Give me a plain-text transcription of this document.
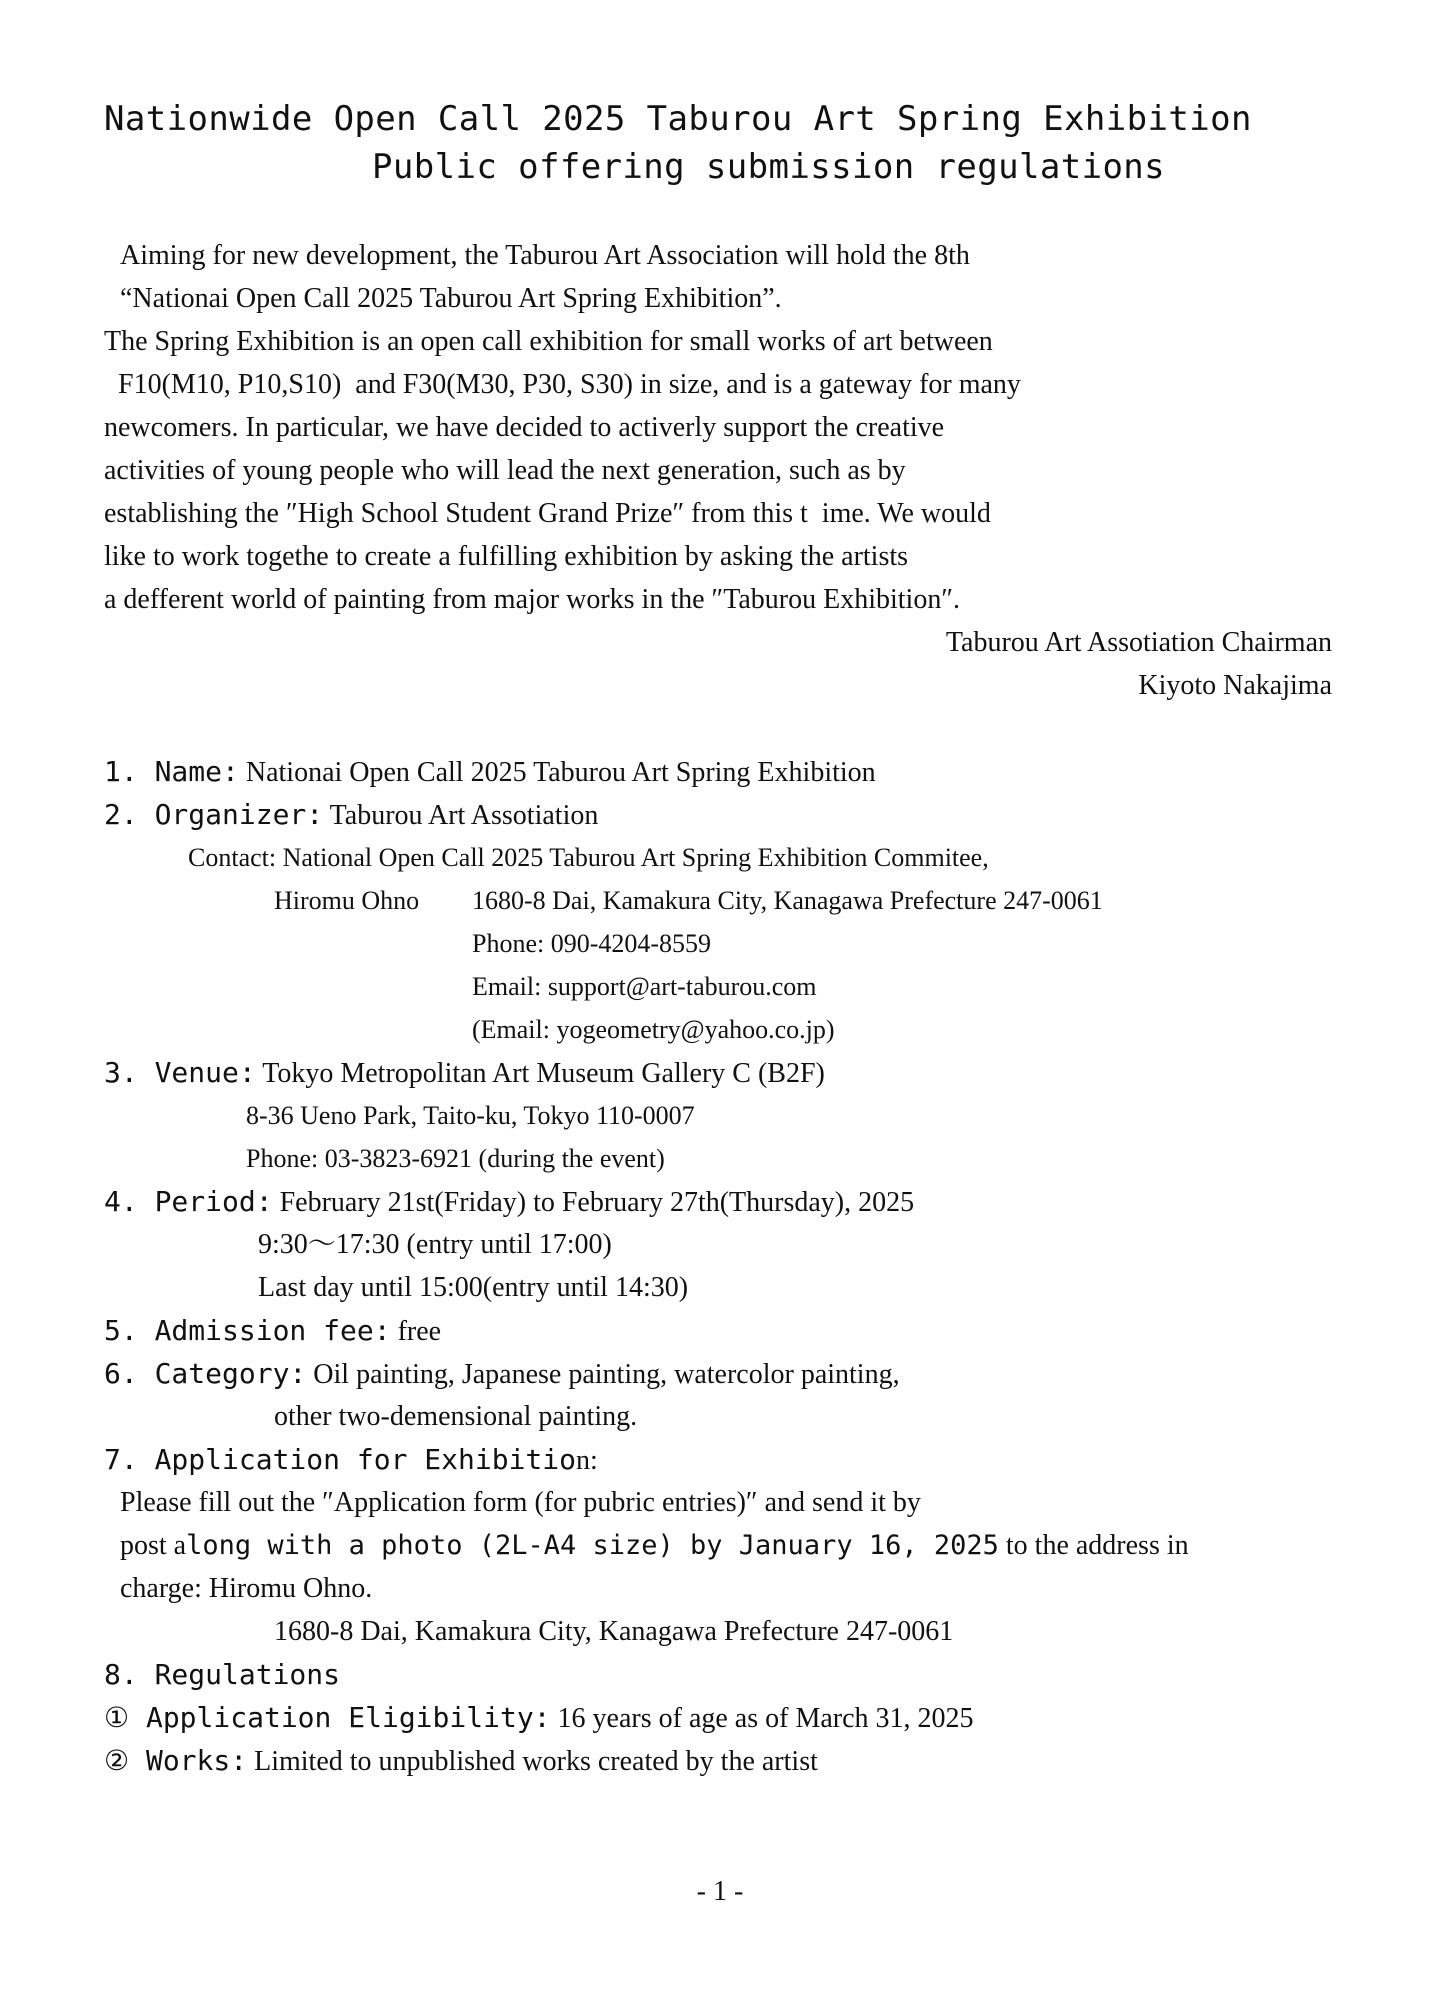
Nationwide Open Call 2025 Taburou Art Spring Exhibition
Public offering submission regulations
Aiming for new development, the Taburou Art Association will hold the 8th
“Nationai Open Call 2025 Taburou Art Spring Exhibition”.
The Spring Exhibition is an open call exhibition for small works of art between
F10(M10, P10,S10)  and F30(M30, P30, S30) in size, and is a gateway for many
newcomers. In particular, we have decided to activerly support the creative
activities of young people who will lead the next generation, such as by
establishing the ″High School Student Grand Prize″ from this t  ime. We would
like to work togethe to create a fulfilling exhibition by asking the artists
a defferent world of painting from major works in the ″Taburou Exhibition″.
Taburou Art Assotiation Chairman
Kiyoto Nakajima
1. Name: Nationai Open Call 2025 Taburou Art Spring Exhibition
2. Organizer: Taburou Art Assotiation
Contact: National Open Call 2025 Taburou Art Spring Exhibition Commitee,
Hiromu Ohno 1680-8 Dai, Kamakura City, Kanagawa Prefecture 247-0061
Phone: 090-4204-8559
Email: support@art-taburou.com
(Email: yogeometry@yahoo.co.jp)
3. Venue: Tokyo Metropolitan Art Museum Gallery C (B2F)
8-36 Ueno Park, Taito-ku, Tokyo 110-0007
Phone: 03-3823-6921 (during the event)
4. Period: February 21st(Friday) to February 27th(Thursday), 2025
9:30〜17:30 (entry until 17:00)
Last day until 15:00(entry until 14:30)
5. Admission fee: free
6. Category: Oil painting, Japanese painting, watercolor painting,
other two-demensional painting.
7. Application for Exhibition:
Please fill out the ″Application form (for pubric entries)″ and send it by
post along with a photo (2L-A4 size) by January 16, 2025 to the address in
charge: Hiromu Ohno.
1680-8 Dai, Kamakura City, Kanagawa Prefecture 247-0061
8. Regulations
① Application Eligibility: 16 years of age as of March 31, 2025
② Works: Limited to unpublished works created by the artist
- 1 -
